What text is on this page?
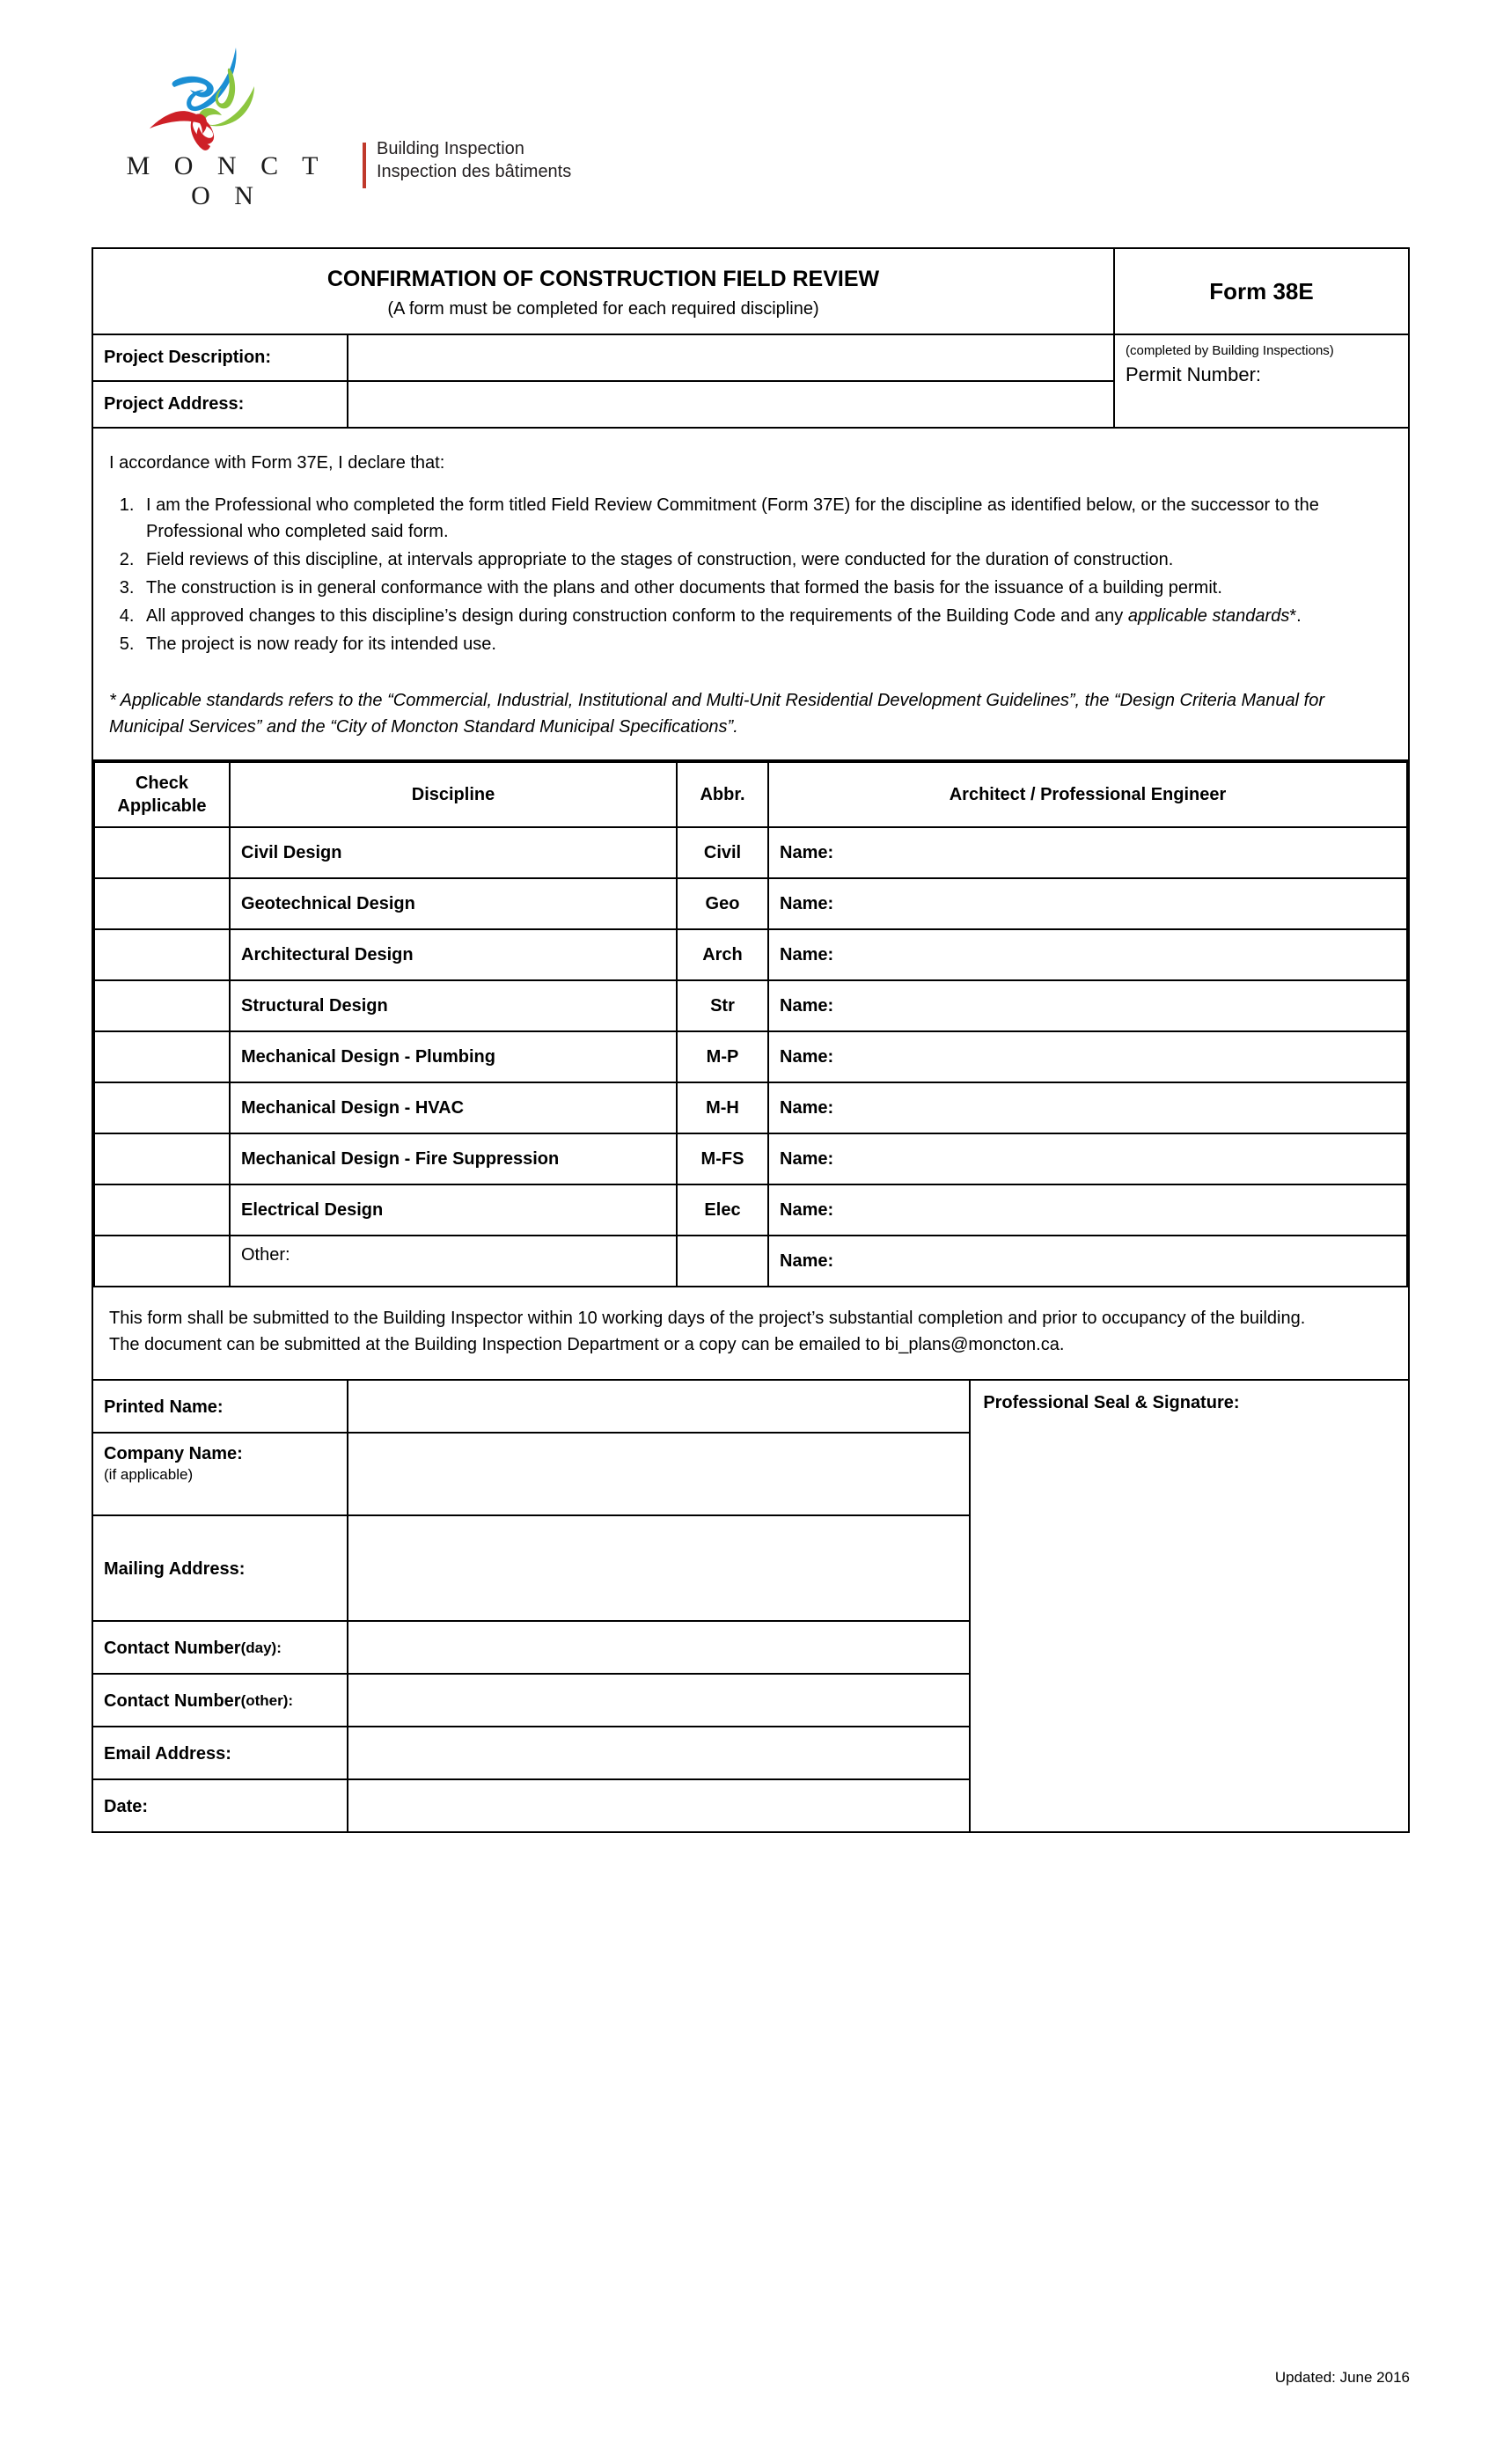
M O N C T O N
Building Inspection
Inspection des bâtiments
CONFIRMATION OF CONSTRUCTION FIELD REVIEW
(A form must be completed for each required discipline)
Form 38E
Project Description:
Project Address:
(completed by Building Inspections)
Permit Number:
I accordance with Form 37E, I declare that:
1. I am the Professional who completed the form titled Field Review Commitment (Form 37E) for the discipline as identified below, or the successor to the Professional who completed said form.
2. Field reviews of this discipline, at intervals appropriate to the stages of construction, were conducted for the duration of construction.
3. The construction is in general conformance with the plans and other documents that formed the basis for the issuance of a building permit.
4. All approved changes to this discipline’s design during construction conform to the requirements of the Building Code and any applicable standards*.
5. The project is now ready for its intended use.
* Applicable standards refers to the “Commercial, Industrial, Institutional and Multi-Unit Residential Development Guidelines”, the “Design Criteria Manual for Municipal Services” and the “City of Moncton Standard Municipal Specifications”.
Check
Applicable	Discipline	Abbr.	Architect / Professional Engineer
	Civil Design	Civil	Name:
	Geotechnical Design	Geo	Name:
	Architectural Design	Arch	Name:
	Structural Design	Str	Name:
	Mechanical Design - Plumbing	M-P	Name:
	Mechanical Design - HVAC	M-H	Name:
	Mechanical Design - Fire Suppression	M-FS	Name:
	Electrical Design	Elec	Name:
	Other:		Name:
This form shall be submitted to the Building Inspector within 10 working days of the project’s substantial completion and prior to occupancy of the building.
The document can be submitted at the Building Inspection Department or a copy can be emailed to bi_plans@moncton.ca.
Printed Name:
Company Name:
(if applicable)
Mailing Address:
Contact Number (day):
Contact Number (other):
Email Address:
Date:
Professional Seal & Signature:
Updated: June 2016
